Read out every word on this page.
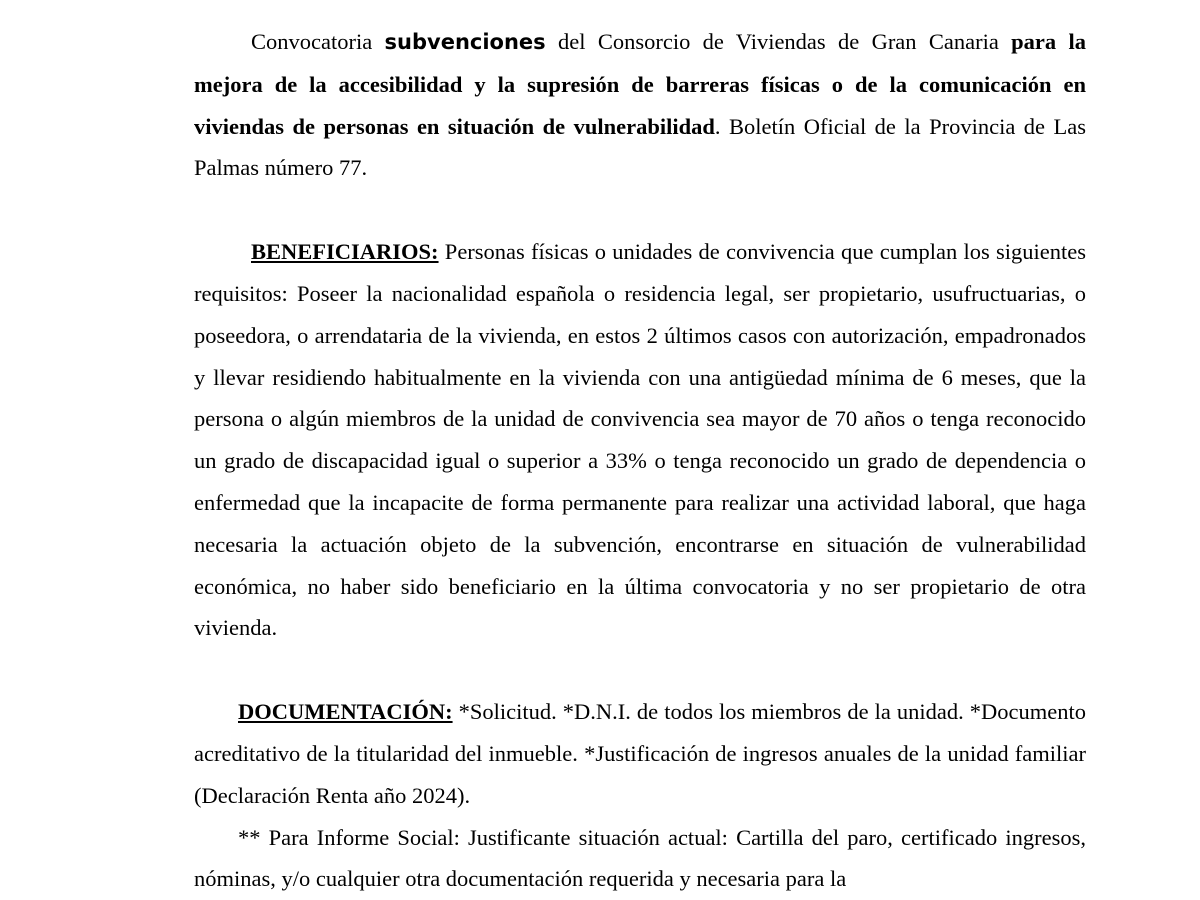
Convocatoria subvenciones del Consorcio de Viviendas de Gran Canaria para la mejora de la accesibilidad y la supresión de barreras físicas o de la comunicación en viviendas de personas en situación de vulnerabilidad. Boletín Oficial de la Provincia de Las Palmas número 77.

BENEFICIARIOS: Personas físicas o unidades de convivencia que cumplan los siguientes requisitos: Poseer la nacionalidad española o residencia legal, ser propietario, usufructuarias, o poseedora, o arrendataria de la vivienda, en estos 2 últimos casos con autorización, empadronados y llevar residiendo habitualmente en la vivienda con una antigüedad mínima de 6 meses, que la persona o algún miembros de la unidad de convivencia sea mayor de 70 años o tenga reconocido un grado de discapacidad igual o superior a 33% o tenga reconocido un grado de dependencia o enfermedad que la incapacite de forma permanente para realizar una actividad laboral, que haga necesaria la actuación objeto de la subvención, encontrarse en situación de vulnerabilidad económica, no haber sido beneficiario en la última convocatoria y no ser propietario de otra vivienda.

DOCUMENTACIÓN: *Solicitud. *D.N.I. de todos los miembros de la unidad. *Documento acreditativo de la titularidad del inmueble. *Justificación de ingresos anuales de la unidad familiar (Declaración Renta año 2024).

** Para Informe Social: Justificante situación actual: Cartilla del paro, certificado ingresos, nóminas, y/o cualquier otra documentación requerida y necesaria para la
